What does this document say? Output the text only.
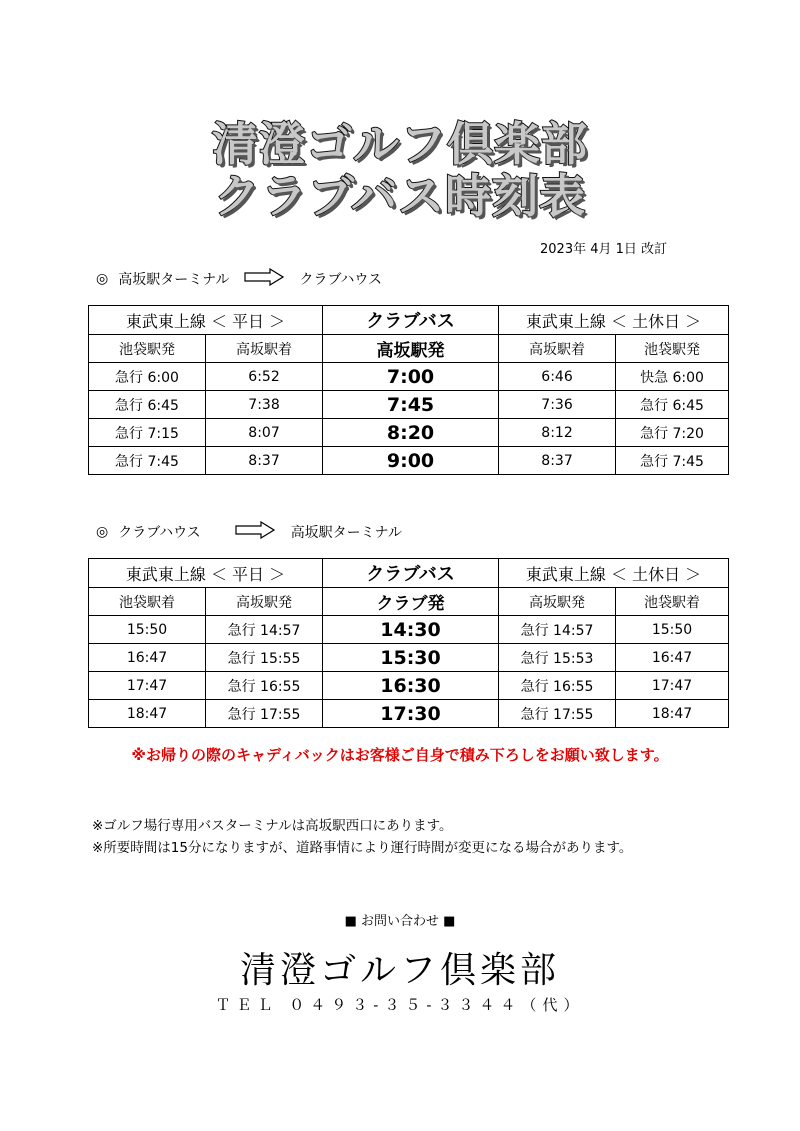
清澄ゴルフ倶楽部
クラブバス時刻表
2023年 4月 1日 改訂
◎ 高坂駅ターミナル	クラブハウス
東武東上線 ＜ 平日 ＞		クラブバス	東武東上線 ＜ 土休日 ＞	
池袋駅発	高坂駅着	高坂駅発	高坂駅着	池袋駅発
急行 6:00	6:52	7:00	6:46	快急 6:00
急行 6:45	7:38	7:45	7:36	急行 6:45
急行 7:15	8:07	8:20	8:12	急行 7:20
急行 7:45	8:37	9:00	8:37	急行 7:45
◎ クラブハウス	高坂駅ターミナル
東武東上線 ＜ 平日 ＞		クラブバス	東武東上線 ＜ 土休日 ＞	
池袋駅着	高坂駅発	クラブ発	高坂駅発	池袋駅着
15:50	急行 14:57	14:30	急行 14:57	15:50
16:47	急行 15:55	15:30	急行 15:53	16:47
17:47	急行 16:55	16:30	急行 16:55	17:47
18:47	急行 17:55	17:30	急行 17:55	18:47
※お帰りの際のキャディバックはお客様ご自身で積み下ろしをお願い致します。
※ゴルフ場行専用バスターミナルは高坂駅西口にあります。
※所要時間は15分になりますが、道路事情により運行時間が変更になる場合があります。
■ お問い合わせ ■
清澄ゴルフ倶楽部
ＴＥＬ ０４９３-３５-３３４４（代）
